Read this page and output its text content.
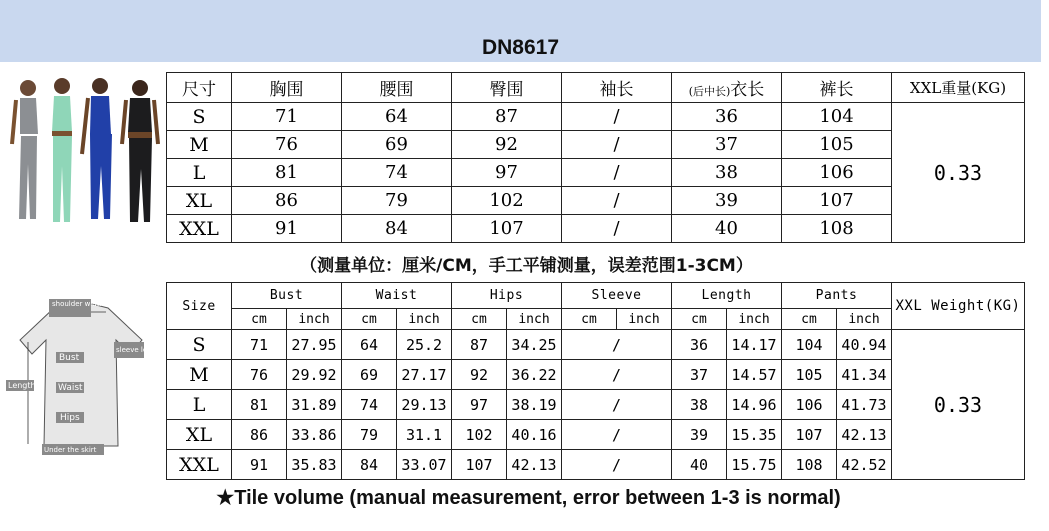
DN8617
尺寸	胸围	腰围	臀围	袖长	(后中长)衣长	裤长	XXL重量(KG)
S	71	64	87	/	36	104	0.33
M	76	69	92	/	37	105	
L	81	74	97	/	38	106	
XL	86	79	102	/	39	107	
XXL	91	84	107	/	40	108	
（测量单位：厘米/CM，手工平铺测量，误差范围1-3CM）
shoulder width
sleeve length
Bust
Length Waist
Hips
Under the skirt
Size	Bust		Waist		Hips		Sleeve		Length		Pants		XXL Weight(KG)
	cm	inch	cm	inch	cm	inch	cm	inch	cm	inch	cm	inch	
S	71	27.95	64	25.2	87	34.25	/		36	14.17	104	40.94	0.33
M	76	29.92	69	27.17	92	36.22	/		37	14.57	105	41.34	
L	81	31.89	74	29.13	97	38.19	/		38	14.96	106	41.73	
XL	86	33.86	79	31.1	102	40.16	/		39	15.35	107	42.13	
XXL	91	35.83	84	33.07	107	42.13	/		40	15.75	108	42.52	
★Tile volume (manual measurement, error between 1-3 is normal)
